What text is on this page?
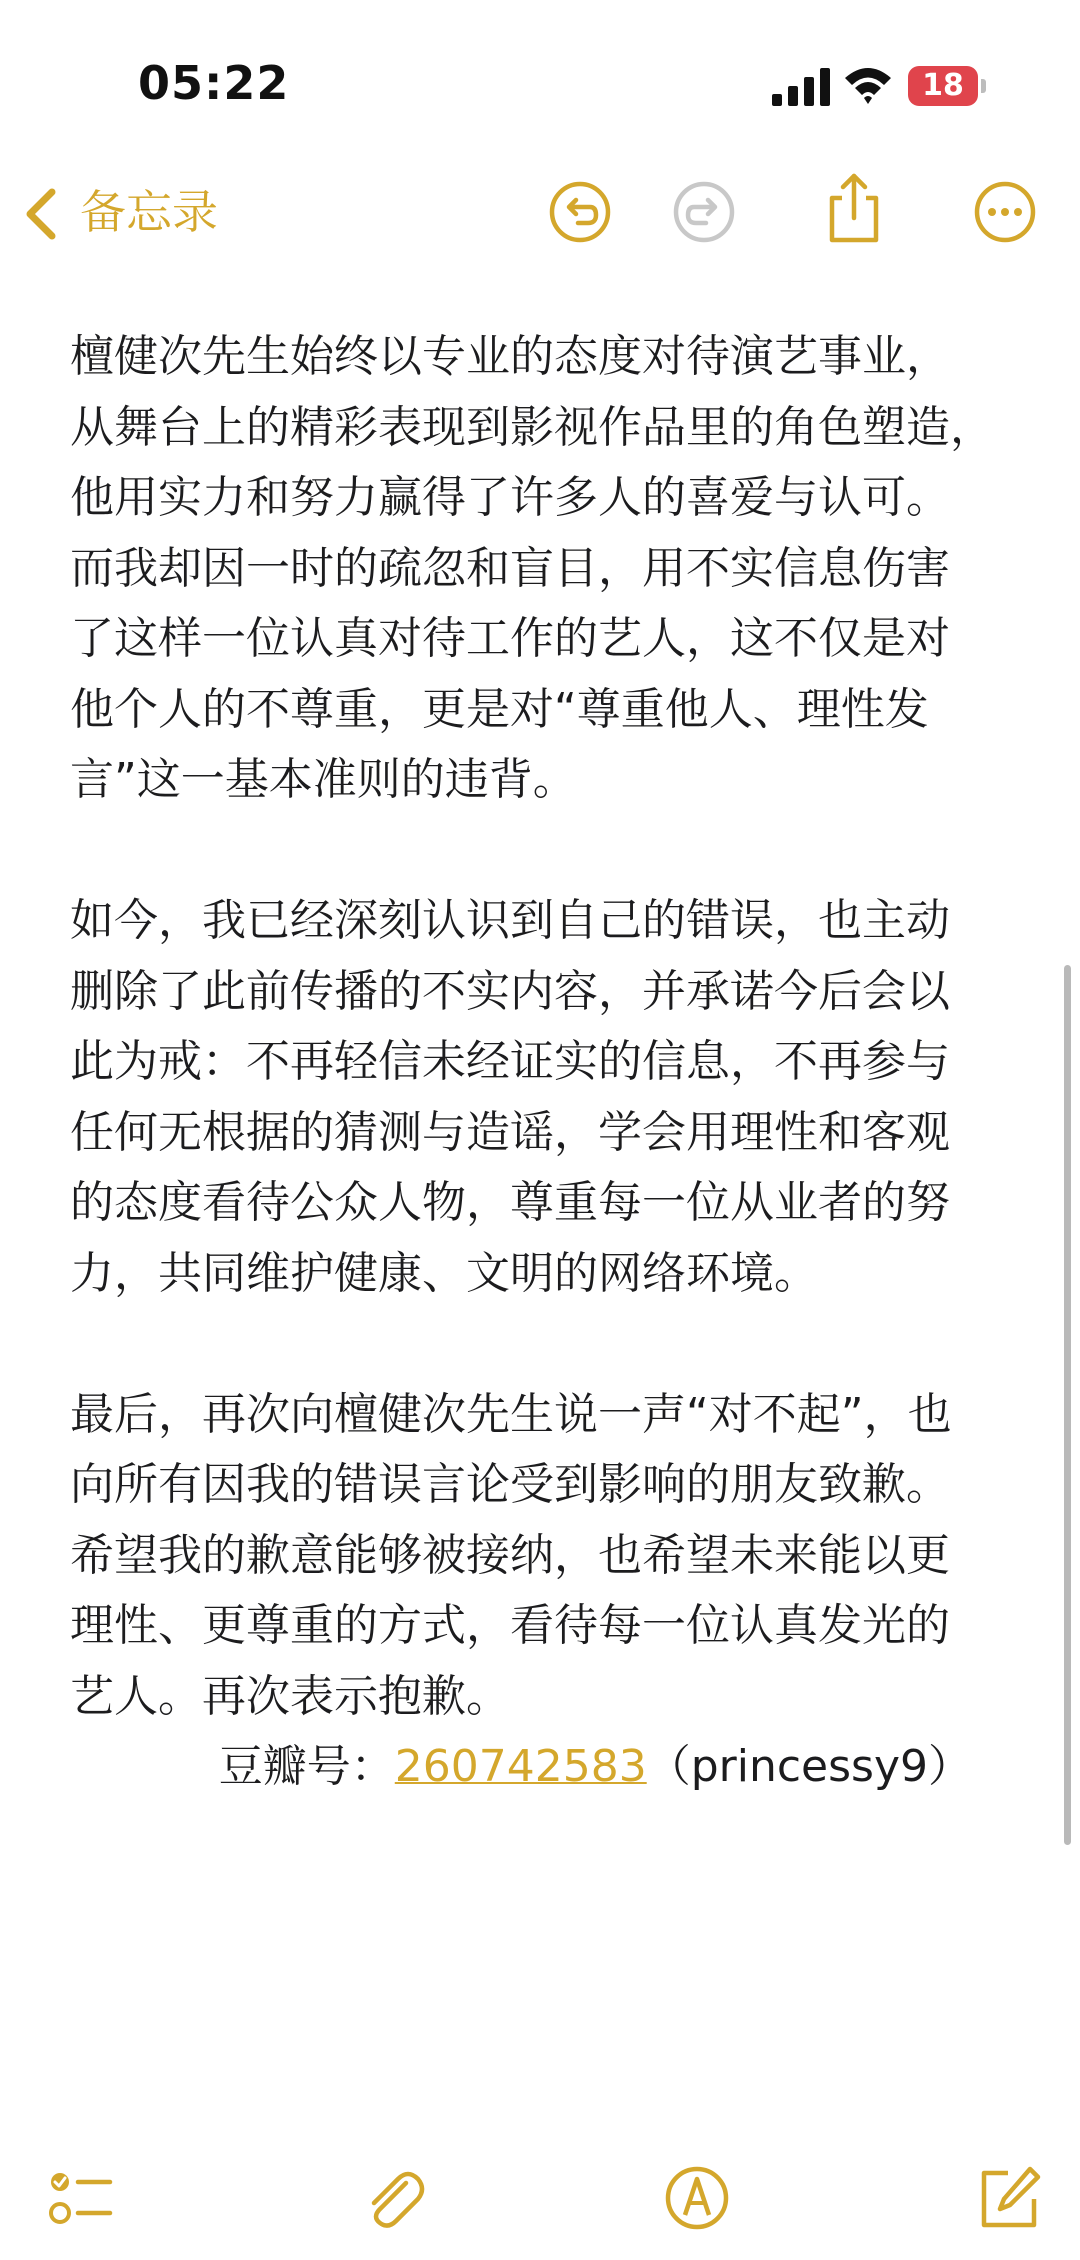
05:22	18
备忘录

檀健次先生始终以专业的态度对待演艺事业，
从舞台上的精彩表现到影视作品里的角色塑造，
他用实力和努力赢得了许多人的喜爱与认可。
而我却因一时的疏忽和盲目，用不实信息伤害
了这样一位认真对待工作的艺人，这不仅是对
他个人的不尊重，更是对“尊重他人、理性发
言”这一基本准则的违背。

如今，我已经深刻认识到自己的错误，也主动
删除了此前传播的不实内容，并承诺今后会以
此为戒：不再轻信未经证实的信息，不再参与
任何无根据的猜测与造谣，学会用理性和客观
的态度看待公众人物，尊重每一位从业者的努
力，共同维护健康、文明的网络环境。

最后，再次向檀健次先生说一声“对不起”，也
向所有因我的错误言论受到影响的朋友致歉。
希望我的歉意能够被接纳，也希望未来能以更
理性、更尊重的方式，看待每一位认真发光的
艺人。再次表示抱歉。

豆瓣号：260742583（princessy9）
